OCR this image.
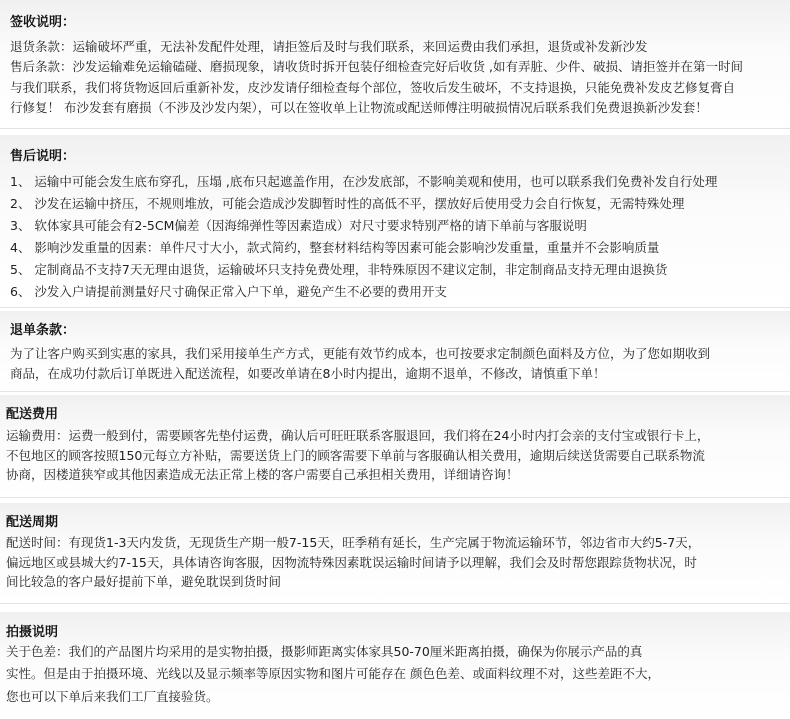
签收说明：
退货条款：运输破坏严重，无法补发配件处理，请拒签后及时与我们联系，来回运费由我们承担，退货或补发新沙发
售后条款：沙发运输难免运输磕碰、磨损现象，请收货时拆开包装仔细检查完好后收货 ,如有弄脏、少件、破损、请拒签并在第一时间
与我们联系，我们将货物返回后重新补发，皮沙发请仔细检查每个部位，签收后发生破坏，不支持退换，只能免费补发皮艺修复膏自
行修复！ 布沙发套有磨损（不涉及沙发内架），可以在签收单上让物流或配送师傅注明破损情况后联系我们免费退换新沙发套！
售后说明：
1、 运输中可能会发生底布穿孔，压塌 ,底布只起遮盖作用，在沙发底部，不影响美观和使用，也可以联系我们免费补发自行处理
2、 沙发在运输中挤压，不规则堆放，可能会造成沙发脚暂时性的高低不平，摆放好后使用受力会自行恢复，无需特殊处理
3、 软体家具可能会有2-5CM偏差（因海绵弹性等因素造成）对尺寸要求特别严格的请下单前与客服说明
4、 影响沙发重量的因素：单件尺寸大小，款式简约，整套材料结构等因素可能会影响沙发重量，重量并不会影响质量
5、 定制商品不支持7天无理由退货，运输破坏只支持免费处理，非特殊原因不建议定制，非定制商品支持无理由退换货
6、 沙发入户请提前测量好尺寸确保正常入户下单，避免产生不必要的费用开支
退单条款：
为了让客户购买到实惠的家具，我们采用接单生产方式，更能有效节约成本，也可按要求定制颜色面料及方位，为了您如期收到
商品，在成功付款后订单既进入配送流程，如要改单请在8小时内提出，逾期不退单，不修改，请慎重下单！
配送费用
运输费用：运费一般到付，需要顾客先垫付运费，确认后可旺旺联系客服退回，我们将在24小时内打会亲的支付宝或银行卡上，
不包地区的顾客按照150元每立方补贴，需要送货上门的顾客需要下单前与客服确认相关费用，逾期后续送货需要自己联系物流
协商，因楼道狭窄或其他因素造成无法正常上楼的客户需要自己承担相关费用，详细请咨询！
配送周期
配送时间：有现货1-3天内发货，无现货生产期一般7-15天，旺季稍有延长，生产完属于物流运输环节，邻边省市大约5-7天，
偏远地区或县城大约7-15天，具体请咨询客服，因物流特殊因素耽误运输时间请予以理解，我们会及时帮您跟踪货物状况，时
间比较急的客户最好提前下单，避免耽误到货时间
拍摄说明
关于色差：我们的产品图片均采用的是实物拍摄，摄影师距离实体家具50-70厘米距离拍摄，确保为你展示产品的真
实性。但是由于拍摄环境、光线以及显示频率等原因实物和图片可能存在 颜色色差、或面料纹理不对，这些差距不大，
您也可以下单后来我们工厂直接验货。
